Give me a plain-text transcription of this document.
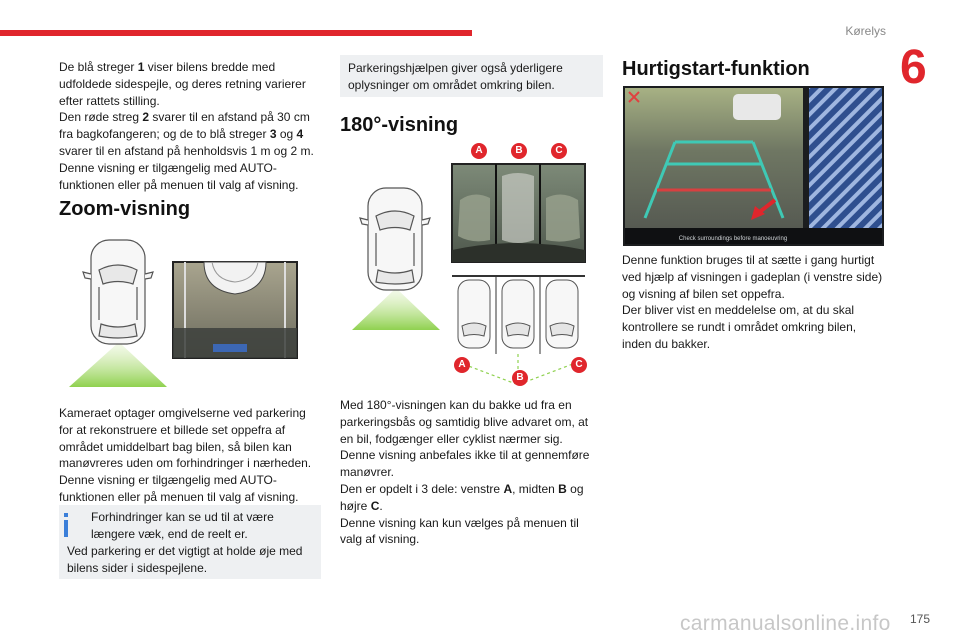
Kørelys
6

De blå streger 1 viser bilens bredde med

udfoldede sidespejle, og deres retning varierer

efter rattets stilling.

Den røde streg 2 svarer til en afstand på 30 cm

fra bagkofangeren; og de to blå streger 3 og 4

svarer til en afstand på henholdsvis 1 m og 2 m.

Denne visning er tilgængelig med AUTO-

funktionen eller på menuen til valg af visning.

Zoom-visning

Kameraet optager omgivelserne ved parkering

for at rekonstruere et billede set oppefra af

området umiddelbart bag bilen, så bilen kan

manøvreres uden om forhindringer i nærheden.

Denne visning er tilgængelig med AUTO-

funktionen eller på menuen til valg af visning.

Forhindringer kan se ud til at være

længere væk, end de reelt er.

Ved parkering er det vigtigt at holde øje med

bilens sider i sidespejlene.

Parkeringshjælpen giver også yderligere

oplysninger om området omkring bilen.

180°-visning
A	B	C
A
B
C

Med 180°-visningen kan du bakke ud fra en

parkeringsbås og samtidig blive advaret om, at

en bil, fodgænger eller cyklist nærmer sig.

Denne visning anbefales ikke til at gennemføre

manøvrer.

Den er opdelt i 3 dele: venstre A, midten B og

højre C.

Denne visning kan kun vælges på menuen til

valg af visning.

Hurtigstart-funktion
Check surroundings before manoeuvring

Denne funktion bruges til at sætte i gang hurtigt

ved hjælp af visningen i gadeplan (i venstre side)

og visning af bilen set oppefra.

Der bliver vist en meddelelse om, at du skal

kontrollere se rundt i området omkring bilen,

inden du bakker.

carmanualsonline.info 175
